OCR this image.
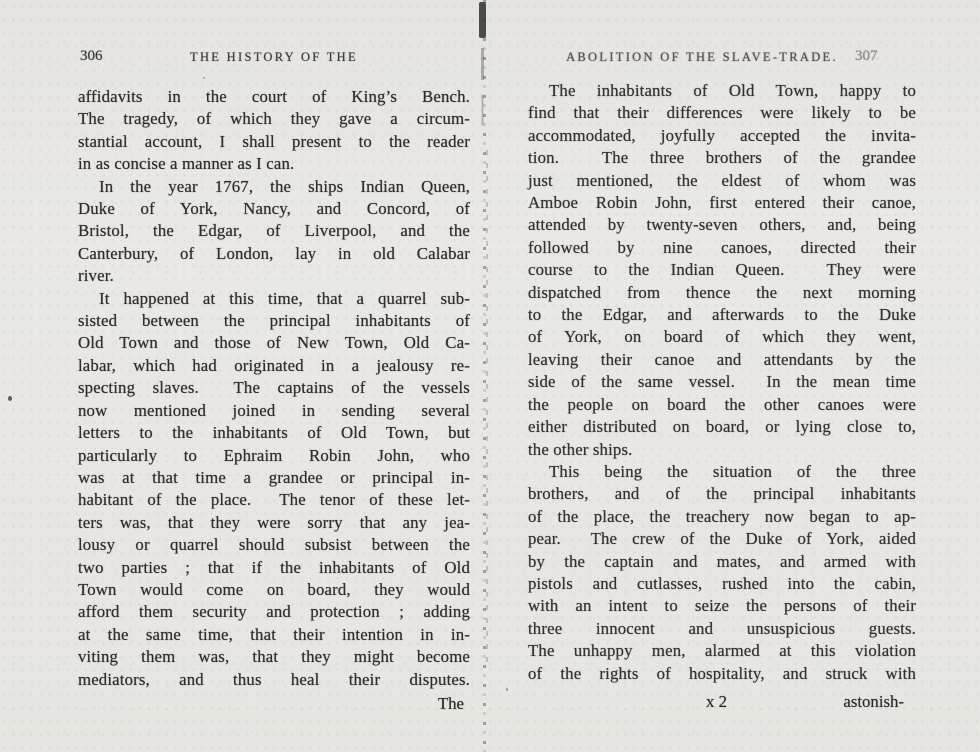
306	THE HISTORY OF THE
affidavits in the court of King’s Bench.
The tragedy, of which they gave a circum-
stantial account, I shall present to the reader
in as concise a manner as I can.
In the year 1767, the ships Indian Queen,
Duke of York, Nancy, and Concord, of
Bristol, the Edgar, of Liverpool, and the
Canterbury, of London, lay in old Calabar
river.
It happened at this time, that a quarrel sub-
sisted between the principal inhabitants of
Old Town and those of New Town, Old Ca-
labar, which had originated in a jealousy re-
specting slaves.  The captains of the vessels
now mentioned joined in sending several
letters to the inhabitants of Old Town, but
particularly to Ephraim Robin John, who
was at that time a grandee or principal in-
habitant of the place.  The tenor of these let-
ters was, that they were sorry that any jea-
lousy or quarrel should subsist between the
two parties ; that if the inhabitants of Old
Town would come on board, they would
afford them security and protection ; adding
at the same time, that their intention in in-
viting them was, that they might become
mediators, and thus heal their disputes.
The
ABOLITION OF THE SLAVE-TRADE.	307
The inhabitants of Old Town, happy to
find that their differences were likely to be
accommodated, joyfully accepted the invita-
tion.  The three brothers of the grandee
just mentioned, the eldest of whom was
Amboe Robin John, first entered their canoe,
attended by twenty-seven others, and, being
followed by nine canoes, directed their
course to the Indian Queen.  They were
dispatched from thence the next morning
to the Edgar, and afterwards to the Duke
of York, on board of which they went,
leaving their canoe and attendants by the
side of the same vessel.  In the mean time
the people on board the other canoes were
either distributed on board, or lying close to,
the other ships.
This being the situation of the three
brothers, and of the principal inhabitants
of the place, the treachery now began to ap-
pear.  The crew of the Duke of York, aided
by the captain and mates, and armed with
pistols and cutlasses, rushed into the cabin,
with an intent to seize the persons of their
three innocent and unsuspicious guests.
The unhappy men, alarmed at this violation
of the rights of hospitality, and struck with
x 2	astonish-
